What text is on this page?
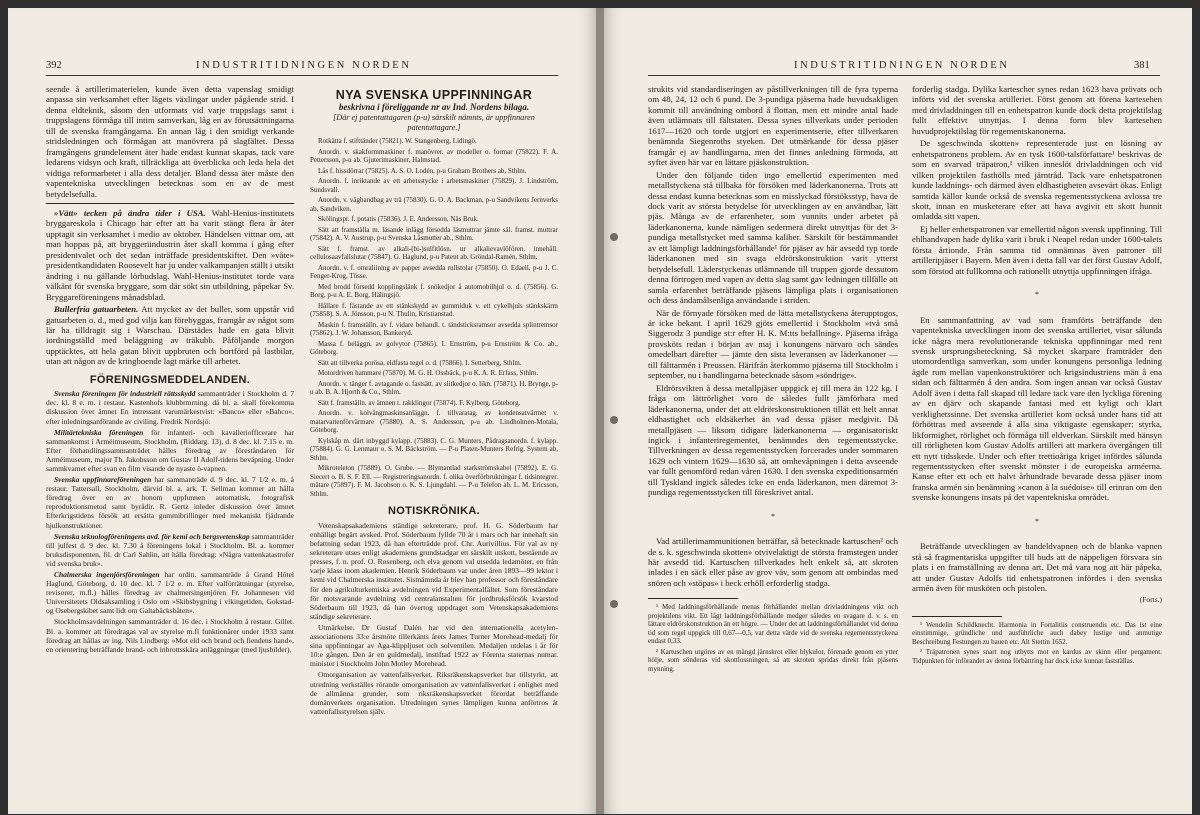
392	INDUSTRITIDNINGEN NORDEN

seende å artillerimaterielen, kunde även detta vapenslag smidigt anpassa sin verksamhet efter lägets växlingar under pågående strid. I denna eldteknik, såsom den utformats vid varje truppslags samt i truppslagens förmåga till intim samverkan, låg en av förutsättningarna till de svenska framgångarna. En annan låg i den smidigt verkande stridsledningen och förmågan att manövrera på slagfältet. Dessa framgångens grundelement äter hade endast kunnat skapas, tack vare ledarens vidsyn och kraft, tillräckliga att överblicka och leda hela det vidtiga reformarbetet i alla dess detaljer. Bland dessa äter måste den vapentekniska utvecklingen betecknas som en av de mest betydelsefulla.

»Vätt» tecken på ändra tider i USA. Wahl-Henius-institutets bryggareskola i Chicago har efter att ha varit stängt flera år åter upptagit sin verksamhet i medio av oktober. Händelsen vittnar om, att man hoppas på, att bryggeriindustrin åter skall komma i gång efter presidentvalet och det sedan inträffade presidentskiftet. Den »våte» presidentkandidaten Roosevelt har ju under valkampanjen ställt i utsikt ändring i nu gällande lörbudslag. Wahl-Henius-institutet torde vara välkänt för svenska bryggare, som där sökt sin utbildning, påpekar Sv. Bryggareföreningens månadsblad.

Bullerfria gatuarbeten. Att mycket av det buller, som uppstår vid gatuarbeten o. d., med god vilja kan förebyggas, framgår av något som lär ha tilldragit sig i Warschau. Därstädes hade en gata blivit iordningställd med beläggning av träkubb. Påföljande morgon upptäcktes, att hela gatan blivit uppbruten och bortförd på lastbilar, utan att någon av de kringboende lagt märke till arbetet.

FÖRENINGSMEDDELANDEN.

Svenska föreningen för industriell rättsskydd sammanträder i Stockholm d. 7 dec. kl. 8 e. m. i restaur. Kastenhofs klubbrmrning. då bl. a. skall förekomma diskussion över ämnet En intressant varumärkestvist: »Banco» eller »Bahco», efter inledningsanförande av civiling. Fredrik Nordsjö.

Militärtekniska föreningen för infanteri- och kavalleriofficerare har sammankomst i Arméimuseum, Stockholm, (Riddarg. 13), d. 8 dec. kl. 7.15 e. m. Efter förhandlingssammanträdet hålles föredrag av föreståndaren för Arméimuseum, major Th. Jakobsson om Gustav II Adolf-tidens beväpning. Under sammkvamet efter svan en film visande de nyaste ö-vapnen.

Svenska uppfinnareföreningen har sammanträde d. 9 dec. kl. 7 1/2 e. m. å restaur. Tattersall, Stockholm, därvid bl. a. ark. T. Sellman kommer att hålla föredrag över en av honom uppfunnen automatisk, fotografisk reproduktionsmetod samt byrådir. R. Gertz inleder diskussion över ämnet Efterkrigstidens försök att ersätta gummibrillinger med mekaniskt fjädrande hjulkonstruktioner.

Svenska teknologföreningens avd. för kemi och bergsvetenskap sammanträder till julfest d. 9 dec. kl. 7.30 å föreningens lokal i Stockholm. Bl. a. kommer bruksdisponenten, fil. dr Carl Sahlin, att hålla föredrag: »Några vattenkatastrofer vid svenska bruk».

Chalmerska ingenjörsföreningen har ordin. sammanträde å Grand Hôtel Haglund, Göteborg, d. 10 dec. kl. 7 1/2 e. m. Efter valförrättningar (styrelse, revisorer, m.fl.) hålles föredrag av chalmersingenjören Fr. Johannesen vid Universitetets Oldsaksamling i Oslo om »Skibsbygning i vikingetiden, Gokstad- og Osebergskibet samt lidt om Galtabäcksbåten».

Stockholmsavdelningen sammanträder d. 16 dec. i Stockholm å restaur. Gillet. Bl. a. kommer att föredragas val av styrelse m.fl funktionärer under 1933 samt föredrag att hållas av ing. Nils Lindberg: »Mot eld och brand och fiendens hand», en orientering beträffande brand- och inbrottsskära anläggningar (med ljusbilder).

NYA SVENSKA UPPFINNINGAR
beskrivna i föreliggande nr av Ind. Nordens bilaga.
[Där ej patentuttagaren (p-u) särskilt nämnts, är uppfinnaren patentuttagare.]

Rotkätta f. stifttänder (75821). W. Stangenberg, Lidingö.

Anordn. v. skakformmaskiner f. manövrer. av modeller o. formar (75822). F. A. Pettersson, p-u ab. Gjuterimaskiner, Halmstad.

Lås f. hissdörrar (75825). A. S. O. Lodén, p-u Graham Brothers ab, Sthlm.

Anordn. f. inriktande av ett arbetsstycke i arbetsmaskiner (75829). J. Lindström, Sundsvall.

Anordn. v. vägbandbag av trä (75830). G. O. A. Backman, p-u Sandvikens Jernverks ab, Sandviken.

Skölingspr. f. potatis (75836). J. E. Andersson, Näs Bruk.

Sätt att framställa m. läsande inlägg försedda läsmuttrar jämte säl. framst. muttrar (75842). A. V. Austrup, p-u Svenska Låsmutter ab., Sthlm.

Sätt f. framst. av alkali-(bi-)sulfitlösn. ur alkalievavlöfören. innehåll. cellulosaavfallslutar (75847). G. Haglund, p-u Patent ab. Gröndal-Ramén, Sthlm.

Anordn. v. f. omraliining av papper avsedda rullstolar (75850). O. Edaell, p-u J. C. Fenger-Krog, Tösse.

Med brodd försedd kopplingslänk f. snökedjor å automobilhjul o. d. (75856). G. Borg, p-u A. E. Borg, Hälingsjö.

Hållare f. fästande av ett stänkskydd av gummiduk v. ett cykelhjuls stänkskärm (75858). S. A. Jönsson, p-u N. Thulin, Kristianstad.

Maskin f. framställn. av f. vidare behandl. t. tändsticksramsor avsedda splintremsor (75862). J. W. Johansson, Bankeryd.

Massa f. beläggn. av golvytor (75865). I. Ernström, p-u Ernström & Co. ab., Göteborg.

Sätt att tillverka porösa, eldfasta tegel o. d. (75866). I. Setterberg, Sthlm.

Motordriven hammare (75870). M. G. H. Ossbäck, p-u K. A. R. Erfass, Sthlm.

Anordn. v. tänger f. avtagande o. fastsätt. av slitkedjor o. likn. (75871). H. Brynge, p-u ab. B. A. Hjorth & Co., Sthlm.

Sätt f. framställn. av ämnen t. rakklingor (75874). F. Kylberg, Göteborg.

Anordn. v. kolvångmaskinsanläggn. f. tillvaratag. av kondensatvärmet v. matarvattenförvärmare (75880). A. S. Andersson, p-u ab. Lindholmen-Motala, Göteborg.

Kylskåp m. därt inbyggd kylapp. (75883). C. G. Munters, Pådragsanordn. f. kylapp. (75884). G. G. Lenmaur o. S. M. Bäckström. — P-u Platen-Munters Refrig. System ab, Sthlm.

Mikroteleton (75889). O. Grube. — Blymantlad starkströmskabel (75892). E. G. Siecert o. B. S. F. Ell. — Registreringsanordn. f. olika överförbrukningar f. tidsintegrer. mätare (75897). F. M. Jacobson o. K. S. Ljungdahl. — P-u Telefon ab. L. M. Ericsson, Sthlm.

NOTISKRÖNIKA.

Vetenskapsakademiens ständige sekreterare, prof. H. G. Söderbaum har enhälligt begärt avsked. Prof. Söderbaum fyllde 70 år i mars och har innehaft sin befattning sedan 1923, då han efterträdde prof. Chr. Aurivillius. För val av ny sekreterare utses enligt akademiens grundstadgar ett särskilt utskott, bestående av presses, f. n. prof. O. Rosenberg, och elva genom val utsedda ledamöter, en från varje klass inom akademien. Henrik Söderbaum var under åren 1893—99 lektor i kemi vid Chalmerska institutet. Sistnämnda år blev han professor och föreståndare för den agrikulturkemiska avdelningen vid Experimentalfältet. Som föreståndare för motsvarande avdelning vid centralanstalten för jordbruksförsök kvarstod Söderbaum till 1923, då han övertog uppdraget som Vetenskapsakademiens ständige sekreterare.

Utmärkelse. Dr Gustaf Dalén har vid den internationella acetylen-associationens 33:e årsmöte tillerkänts årets James Turner Morehead-medalj för sina uppfinningar av Aga-klippljuset och solventilen. Medaljen utdelas i år för 10:e gången. Den är en guldmedalj, instiftad 1922 av Förenta staternas numar. minister i Stockholm John Motley Morehead.

Omorganisation av vattenfallsverket. Riksräkenskapsverket har tillstyrkt, att utredning verkställes rörande omorganisation av vattenfallsverket i enlighet med de allmänna grunder, som riksräkenskapsverket förordat beträffande domänverkets organisation. Utredningen synes lämpligen kunna anförtros åt vattenfallsstyrelsen själv.

INDUSTRITIDNINGEN NORDEN	381

strukits vid standardiseringen av påstillverkningen till de fyra typerna om 48, 24, 12 och 6 pund. De 3-pundiga pjäserna hade huvudsakligen kommit till användning ombord å flottan, men ett mindre antal hade även utlämnats till fältstaten. Dessa synes tillverkats under perioden 1617—1620 och torde utgjort en experimentserie, efter tillverkaren benämnda Siegenroths styeken. Det utmärkande för dessa pjäser framgår ej av handlingarna, men det finnes anledning förmoda, att syftet även här var en lättare pjäskonstruktion.

Under den följande tiden ingo emellertid experimenten med metallstyckena stå tillbaka för försöken med läderkanonerna. Trots att dessa endast kunna betecknas som en misslyckad förstöksstyp, hava de dock varit av största betydelse för utvecklingen av en användbar, lätt pjäs. Många av de erfarenheter, som vunnits under arbetet på läderkanonerna, kunde nämligen sedermera direkt utnyttjas för det 3-pundiga metallstycket med samma kaliber. Särskilt för bestämmandet av ett lämpligt laddningsförhållande¹ för pjäser av här avsedd typ torde läderkanonen med sin svaga eldrörskonstruktion varit ytterst betydelsefull. Läderstyckenas utlämnande till truppen gjorde dessutom denna förtrogen med vapen av detta slag samt gav ledningen tillfälle att samla erfarenhet beträffande pjäsens lämpliga plats i organisationen och dess ändamålsenliga användande i striden.

När de förnyade försöken med de lätta metallstyckena återupptogos, är icke bekant. I april 1629 gjöts emellertid i Stockholm »två små Siggerodz 3 pundige st:r efter H. K. M:tts befallning». Pjäserna ifråga provsköts redan i början av maj i konungens närvaro och sändes omedelbart därefter — jämte den sista leveransen av läderkanoner — till fälttarmén i Preussen. Härifrån återkommo pjäserna till Stockholm i september, nu i handlingarna betecknade såsom »söndrige».

Eldrörsvikten å dessa metallpjäser uppgick ej till mera än 122 kg. I fråga om lättrörlighet voro de således fullt jämförbara med läderkanonerna, under det att eldrörskonstruktionen tillät ett helt annat eldhastighet och eldsäkerhet än vad dessa pjäser medgivit. Då metallpjäsen — liksom tidigare läderkanonerna — organisatoriskt ingick i infanteriregementet, benämndes den regementsstycke. Tillverkningen av dessa regementsstycken forcerades under sommaren 1629 och vintern 1629—1630 så, att omhevåpningen i detta avseende var fullt genomförd redan våren 1630. I den svenska expeditionsarmén till Tyskland ingick således icke en enda läderkanon, men däremot 3-pundiga regementsstycken till föreskrivet antal.

*

Vad artillerimammunitionen beträffar, så betecknade kartuschen² och de s. k. sgeschwinda skotten» otvivelaktigt de största framstegen under här avsedd tid. Kartuschen tillverkades helt enkelt så, att skroten inlades i en säck eller påse av grov väv, som genom att ombindas med snören och »stöpas» i beck erhöll erforderlig stadga.

¹ Med laddningsförhållande menas förhållandet mellan drivladdningens vikt och projektilens vikt. Ett lågt laddningsförhållande medger således en svagare d. v. s. en lättare eldrörskonstruktion än ett högre. — Under det att laddningsförhållandet vid denna tid som regel uppgick till 0,67—0,5, var detta värde vid de svenska regementsstyckena endast 0,33.

² Kartuschen utgöres av en mängd järnskrot eller blykulor, förenade genom en ytter hölje, som sönderas vid skottlossningen, så att skroten spridas direkt från pjäsens mynning.

forderlig stadga. Dylika kartescher synes redan 1623 hava prövats och införts vid det svenska artilleriet. Först genom att förena kartesehen med drivladdningen till en enhetspatron kunde dock detta projektilslag fullt effektivt utnyttjas. I denna form blev kartesehen huvudprojektilslag för regementskanonerna.

De sgeschwinda skotten» representerade just en lösning av enhetspatronens problem. Av en tysk 1600-talsförfattare¹ beskrivas de som en svarvad träpatron,² vilken inneslöt drivladdningen och vid vilken projektilen fasthölls med järntråd. Tack vare enhetspatronen kunde laddnings- och därmed även eldhastigheten avsevärt ökas. Enligt samtida källor kunde också de svenska regementsstyckena avlossa tre skott, innan en musketerare efter att hava avgivit ett skott hunnit omladda sitt vapen.

Ej heller enhetspatronen var emellertid någon svensk uppfinning. Till ehlhandvapen hade dylika varit i bruk i Neapel redan under 1600-talets första årtionde. Från samma tid omnämnas även patroner till artilleripjäser i Bayern. Men även i detta fall var det först Gustav Adolf, som förstod att fullkomna och rationellt utnyttja uppfinningen ifråga.

*

En sammanfattning av vad som framförts beträffande den vapentekniska utvecklingen inom det svenska artilleriet, visar sålunda icke några mera revolutionerande tekniska uppfinningar med rent svensk ursprungsbeteckning. Så mycket skarpare framträder den utomordentliga samverkan, som under konungens personliga ledning ägde rum mellan vapenkonstruktörer och krigsindustriens män å ena sidan och fälttarmén å den andra. Som ingen annan var också Gustav Adolf även i detta fall skapad till ledare tack vare den lyckliga förening av en djärv och skapande fantasi med ett kyligt och klart verklighetssinne. Det svenska artilleriet kom också under hans tid att förhöttras med avseende å alla sina viktigaste egenskaper: styrka, likformighet, rörlighet och förmåga till eldverkan. Särskilt med hänsyn till rörligheten kom Gustav Adolfs artilleri att markera övergången till ett nytt tidsskede. Under och efter trettioåriga kriget infördes sålunda regementsstycken efter svenskt mönster i de europeiska arméerna. Kanse efter ett och ett halvt århundrade bevarade dessa pjäser inom franska armén sin benämning »canon à la suédoise» till erinran om den svenske konungens insats på det vapentekniska området.

*

Beträffande utvecklingen av handeldvapnen och de blanka vapnen stå så fragmentariska uppgifter till buds att de näppeligen försvara sin plats i en framställning av denna art. Det må vara nog att här påpeka, att under Gustav Adolfs tid enhetspatronen infördes i den svenska armén även för musköten och pistolen.

(Forts.)

¹ Wendelin Schildknecht. Harmonia in Fortalitiis construendis etc. Das ist eine einstimmige, gründliche und ausführliche auch dabey lustige und anmutige Beschreibung Festungen zu bauen etc. Alt Stettin 1652.

² Träpatronen synes snart nog utbytts mot en kardus av skinn eller pergament. Tidpunkten för införandet av denna förbättring har dock icke kunnat fastställas.
